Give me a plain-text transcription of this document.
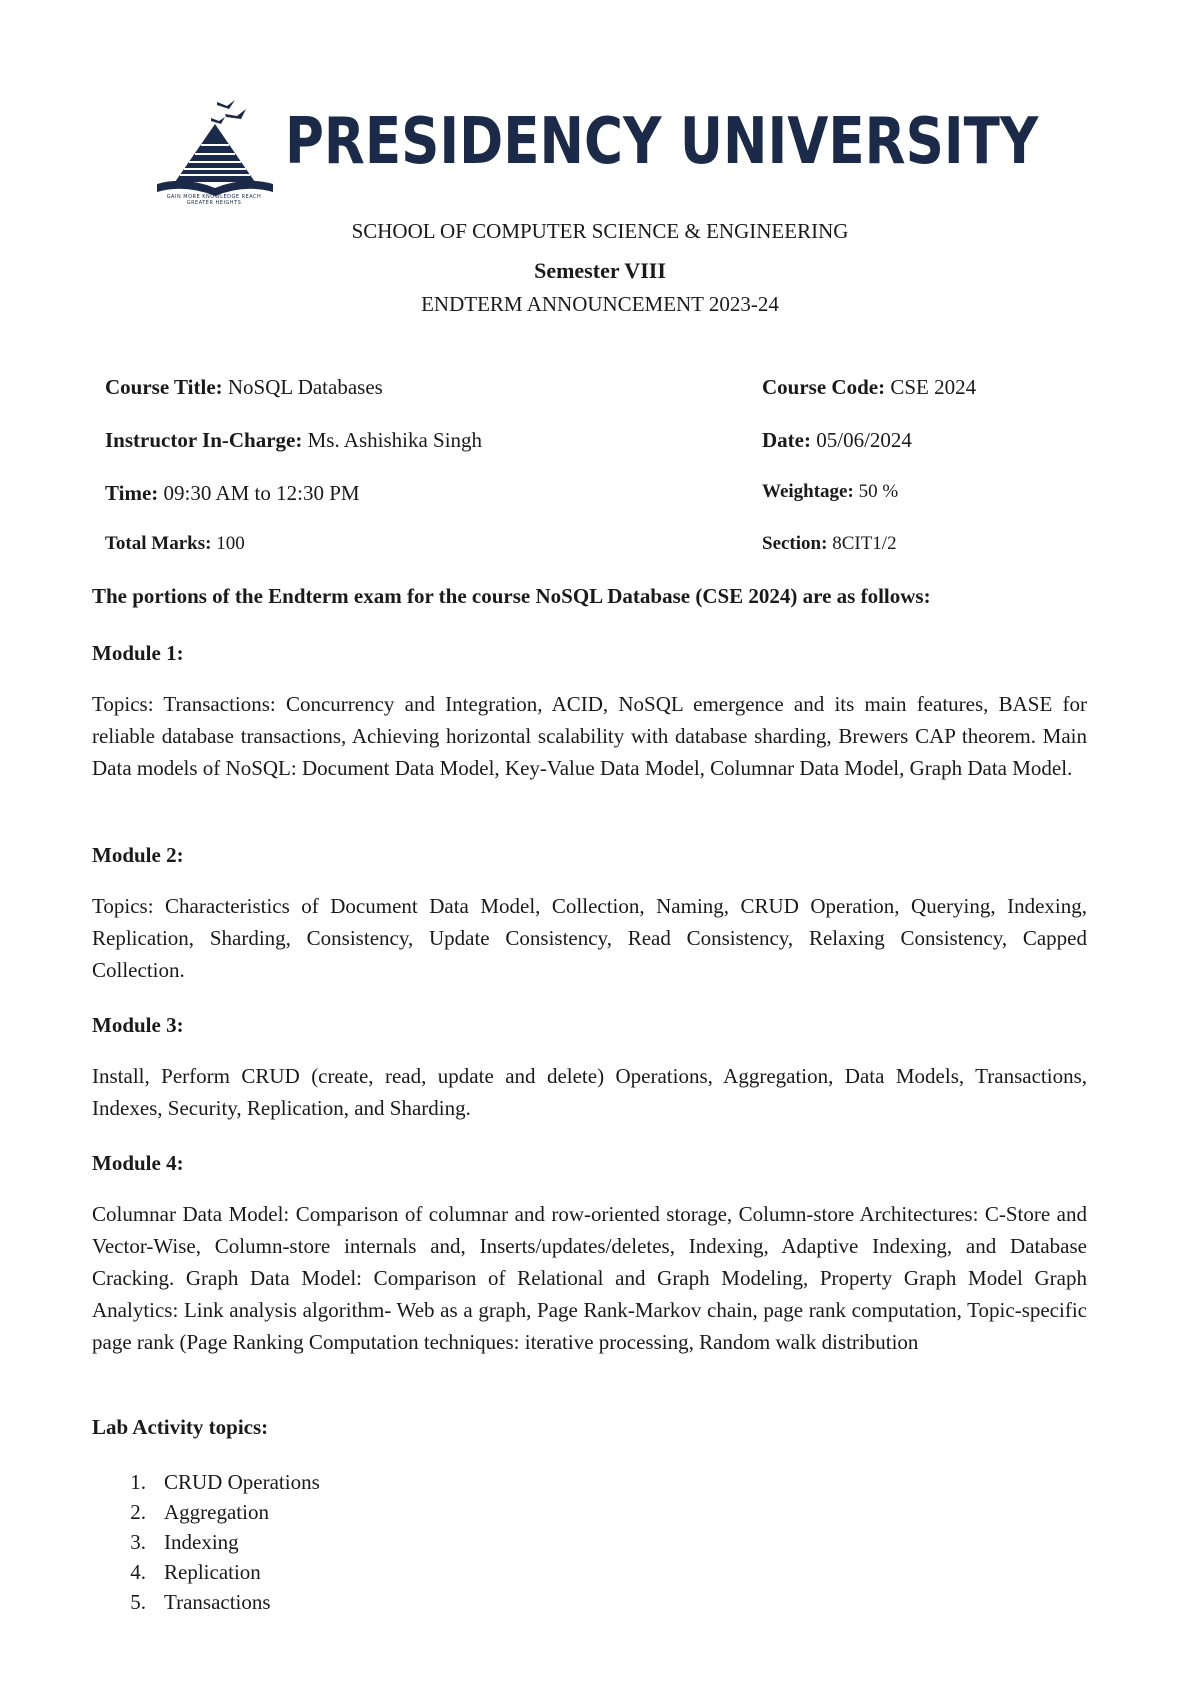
PRESIDENCY UNIVERSITY
GAIN MORE KNOWLEDGE REACH GREATER HEIGHTS
SCHOOL OF COMPUTER SCIENCE & ENGINEERING
Semester VIII
ENDTERM ANNOUNCEMENT 2023-24
Course Title: NoSQL Databases	Course Code: CSE 2024
Instructor In-Charge: Ms. Ashishika Singh	Date: 05/06/2024
Time: 09:30 AM to 12:30 PM	Weightage: 50 %
Total Marks: 100	Section: 8CIT1/2
The portions of the Endterm exam for the course NoSQL Database (CSE 2024) are as follows:
Module 1:
Topics: Transactions: Concurrency and Integration, ACID, NoSQL emergence and its main features, BASE for reliable database transactions, Achieving horizontal scalability with database sharding, Brewers CAP theorem. Main Data models of NoSQL: Document Data Model, Key-Value Data Model, Columnar Data Model, Graph Data Model.
Module 2:
Topics: Characteristics of Document Data Model, Collection, Naming, CRUD Operation, Querying, Indexing, Replication, Sharding, Consistency, Update Consistency, Read Consistency, Relaxing Consistency, Capped Collection.
Module 3:
Install, Perform CRUD (create, read, update and delete) Operations, Aggregation, Data Models, Transactions, Indexes, Security, Replication, and Sharding.
Module 4:
Columnar Data Model: Comparison of columnar and row-oriented storage, Column-store Architectures: C-Store and Vector-Wise, Column-store internals and, Inserts/updates/deletes, Indexing, Adaptive Indexing, and Database Cracking. Graph Data Model: Comparison of Relational and Graph Modeling, Property Graph Model Graph Analytics: Link analysis algorithm- Web as a graph, Page Rank-Markov chain, page rank computation, Topic-specific page rank (Page Ranking Computation techniques: iterative processing, Random walk distribution
Lab Activity topics:
1. CRUD Operations
2. Aggregation
3. Indexing
4. Replication
5. Transactions
